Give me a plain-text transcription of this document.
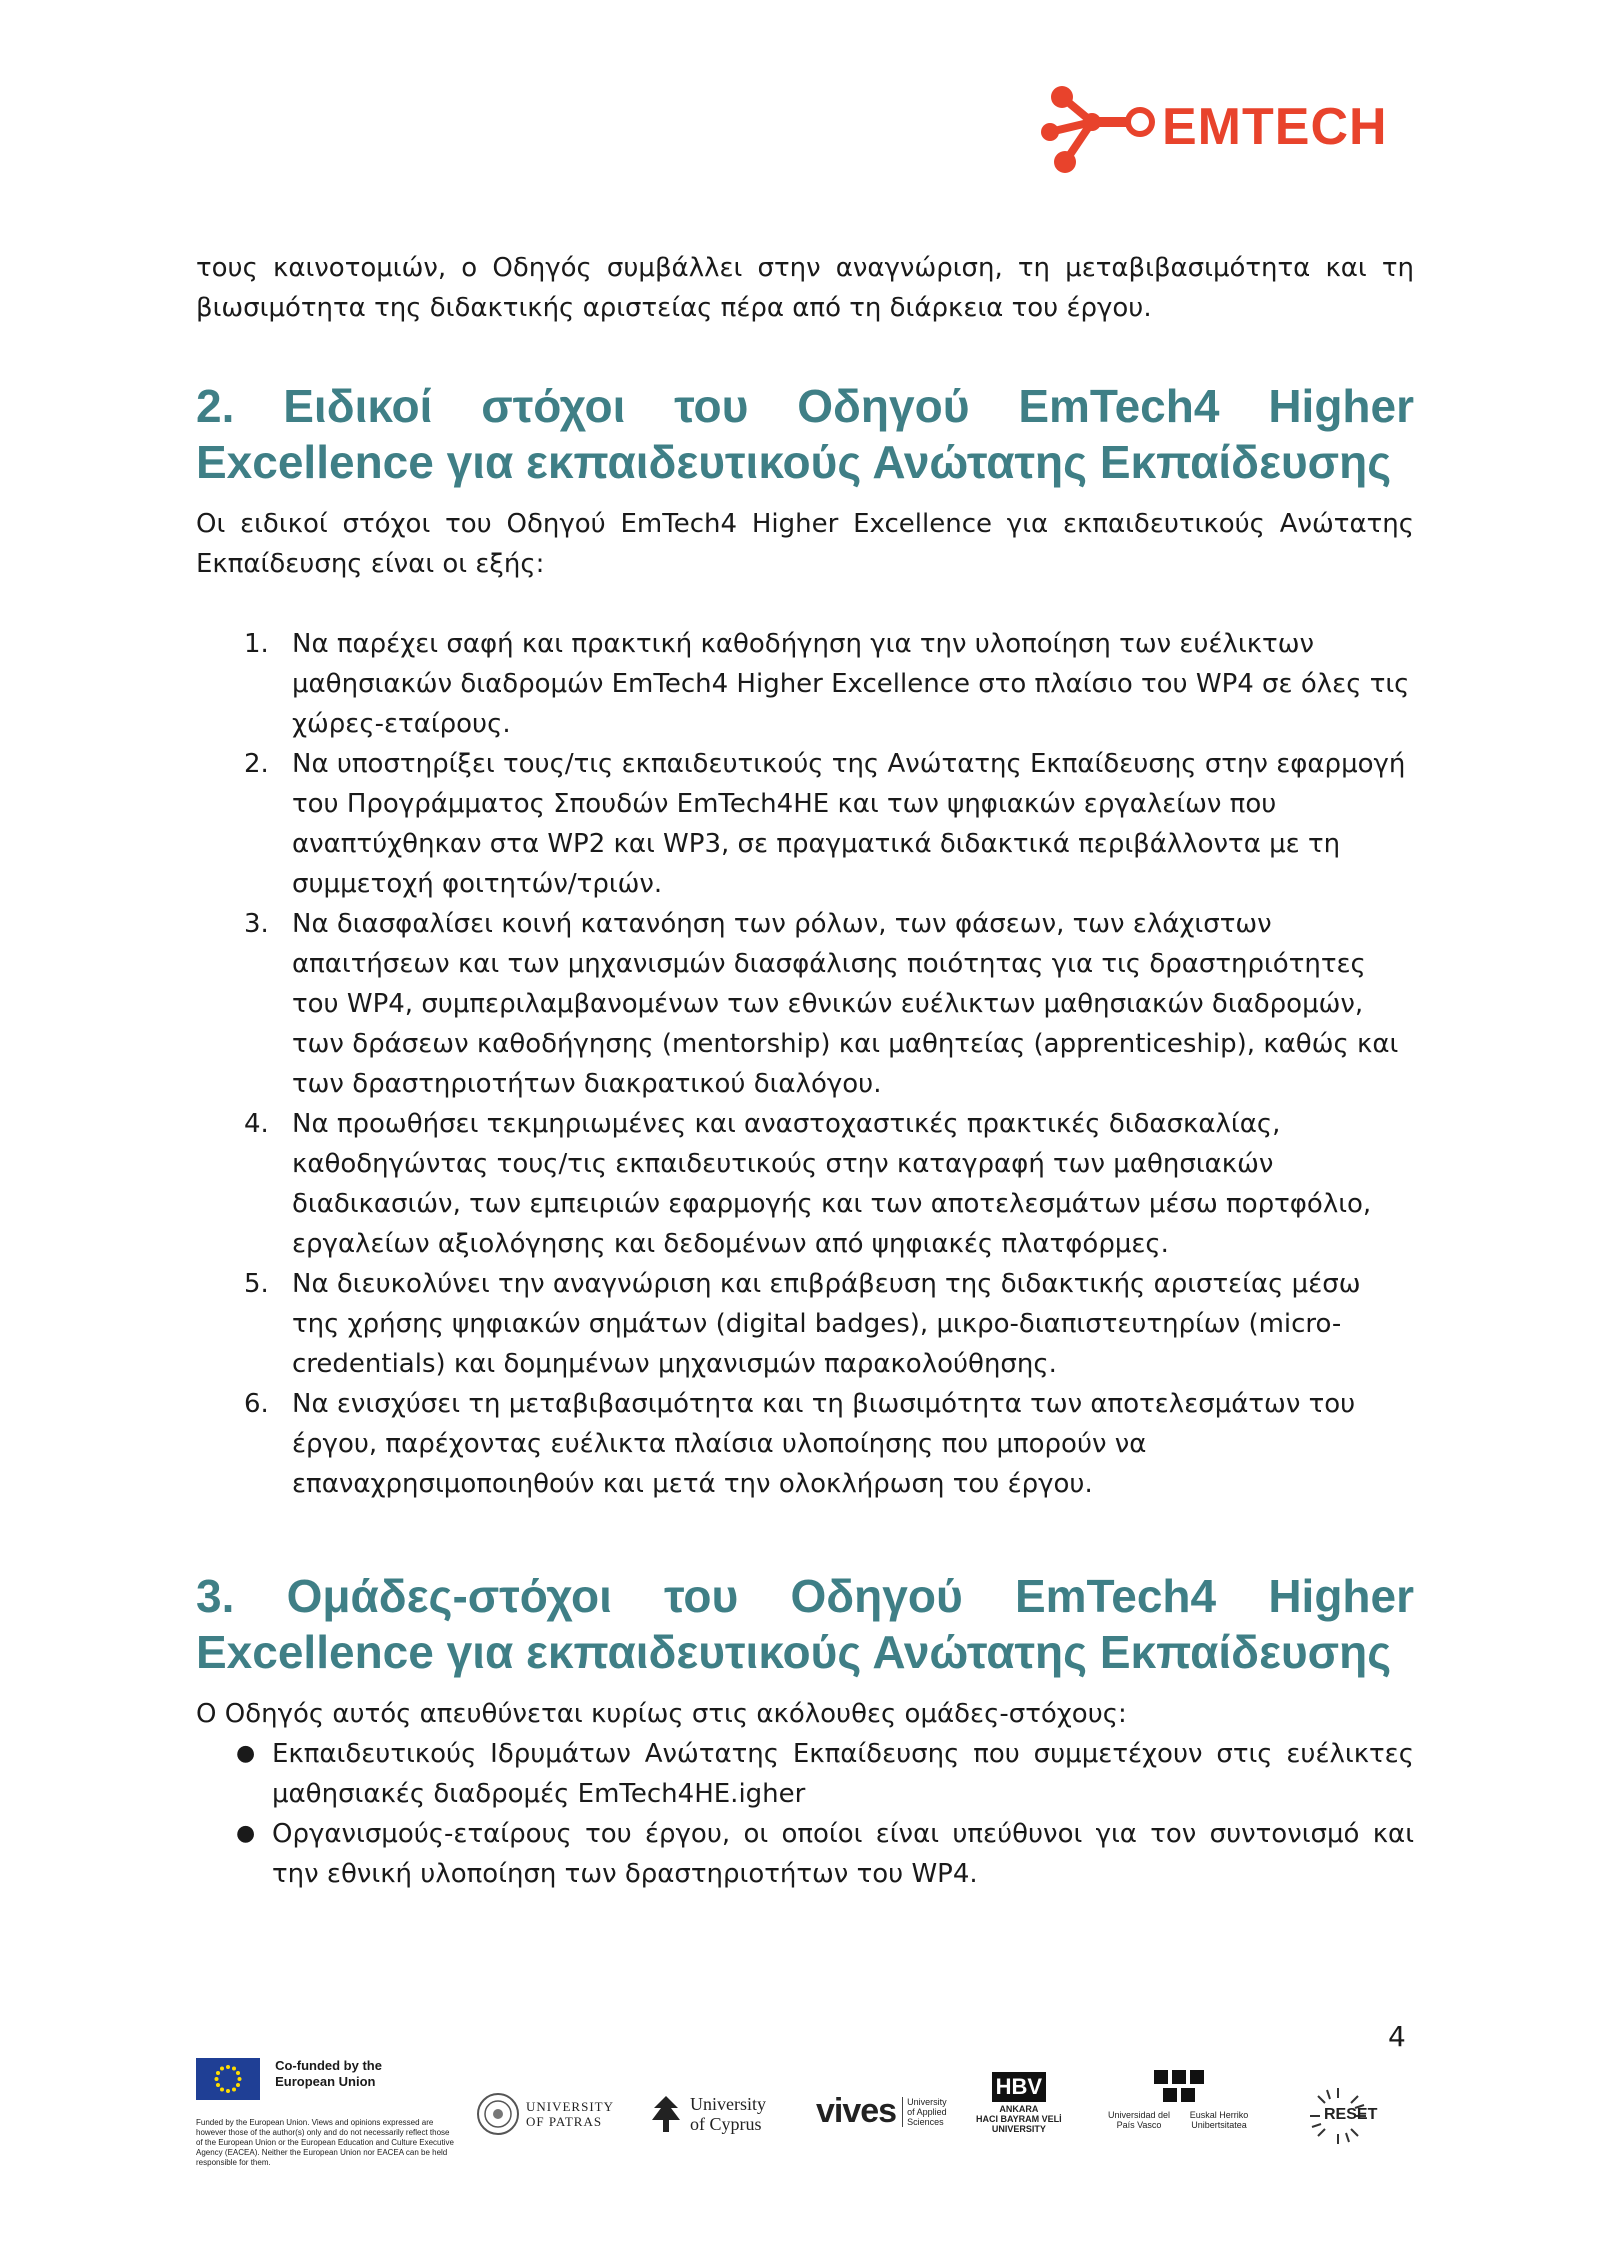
EMTECH

τους καινοτομιών, ο Οδηγός συμβάλλει στην αναγνώριση, τη μεταβιβασιμότητα και τη βιωσιμότητα της διδακτικής αριστείας πέρα από τη διάρκεια του έργου.

2. Ειδικοί στόχοι του Οδηγού EmTech4 Higher Excellence για εκπαιδευτικούς Ανώτατης Εκπαίδευσης

Οι ειδικοί στόχοι του Οδηγού EmTech4 Higher Excellence για εκπαιδευτικούς Ανώτατης Εκπαίδευσης είναι οι εξής:

1. Να παρέχει σαφή και πρακτική καθοδήγηση για την υλοποίηση των ευέλικτων μαθησιακών διαδρομών EmTech4 Higher Excellence στο πλαίσιο του WP4 σε όλες τις χώρες-εταίρους.
2. Να υποστηρίξει τους/τις εκπαιδευτικούς της Ανώτατης Εκπαίδευσης στην εφαρμογή του Προγράμματος Σπουδών EmTech4HE και των ψηφιακών εργαλείων που αναπτύχθηκαν στα WP2 και WP3, σε πραγματικά διδακτικά περιβάλλοντα με τη συμμετοχή φοιτητών/τριών.
3. Να διασφαλίσει κοινή κατανόηση των ρόλων, των φάσεων, των ελάχιστων απαιτήσεων και των μηχανισμών διασφάλισης ποιότητας για τις δραστηριότητες του WP4, συμπεριλαμβανομένων των εθνικών ευέλικτων μαθησιακών διαδρομών, των δράσεων καθοδήγησης (mentorship) και μαθητείας (apprenticeship), καθώς και των δραστηριοτήτων διακρατικού διαλόγου.
4. Να προωθήσει τεκμηριωμένες και αναστοχαστικές πρακτικές διδασκαλίας, καθοδηγώντας τους/τις εκπαιδευτικούς στην καταγραφή των μαθησιακών διαδικασιών, των εμπειριών εφαρμογής και των αποτελεσμάτων μέσω πορτφόλιο, εργαλείων αξιολόγησης και δεδομένων από ψηφιακές πλατφόρμες.
5. Να διευκολύνει την αναγνώριση και επιβράβευση της διδακτικής αριστείας μέσω της χρήσης ψηφιακών σημάτων (digital badges), μικρο-διαπιστευτηρίων (micro-credentials) και δομημένων μηχανισμών παρακολούθησης.
6. Να ενισχύσει τη μεταβιβασιμότητα και τη βιωσιμότητα των αποτελεσμάτων του έργου, παρέχοντας ευέλικτα πλαίσια υλοποίησης που μπορούν να επαναχρησιμοποιηθούν και μετά την ολοκλήρωση του έργου.
3. Ομάδες-στόχοι του Οδηγού EmTech4 Higher Excellence για εκπαιδευτικούς Ανώτατης Εκπαίδευσης

Ο Οδηγός αυτός απευθύνεται κυρίως στις ακόλουθες ομάδες-στόχους:

● Εκπαιδευτικούς Ιδρυμάτων Ανώτατης Εκπαίδευσης που συμμετέχουν στις ευέλικτες μαθησιακές διαδρομές EmTech4HE.igher
● Οργανισμούς-εταίρους του έργου, οι οποίοι είναι υπεύθυνοι για τον συντονισμό και την εθνική υλοποίηση των δραστηριοτήτων του WP4.
4
Co-funded by the European Union
Funded by the European Union. Views and opinions expressed are however those of the author(s) only and do not necessarily reflect those of the European Union or the European Education and Culture Executive Agency (EACEA). Neither the European Union nor EACEA can be held responsible for them.
UNIVERSITY OF PATRAS
University
of Cyprus vives	University of Applied Sciences
HBV
ANKARA
HACI BAYRAM VELİ
UNIVERSITY
Universidad del País Vasco
Euskal Herriko Unibertsitatea
RESET
